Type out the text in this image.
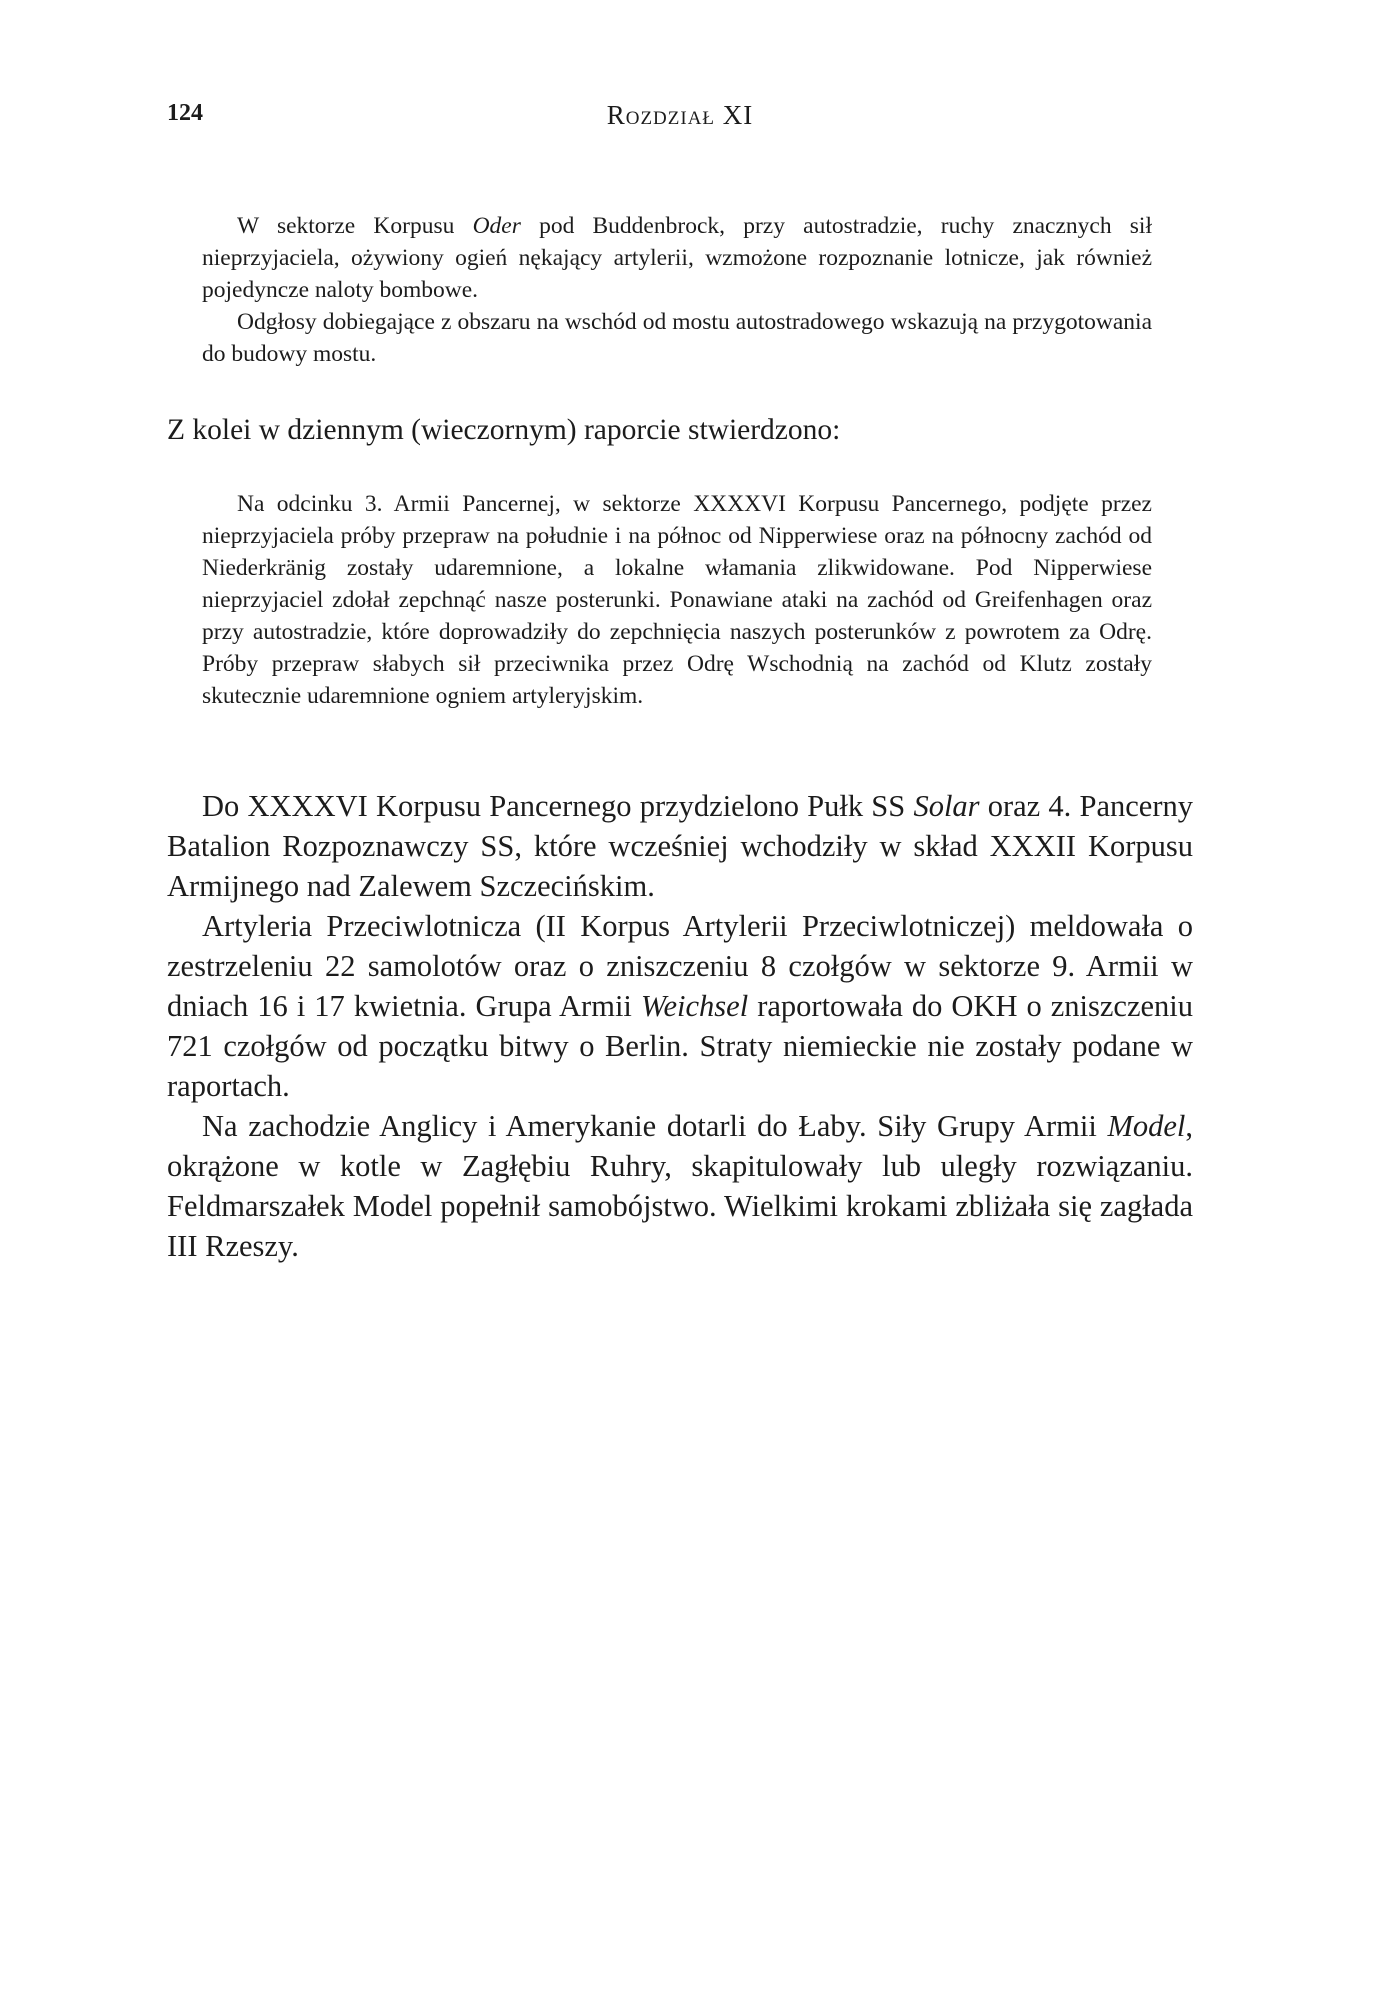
124	Rozdział XI

W sektorze Korpusu Oder pod Buddenbrock, przy autostradzie, ruchy znacznych sił nieprzyjaciela, ożywiony ogień nękający artylerii, wzmożone rozpoznanie lotnicze, jak również pojedyncze naloty bombowe.

Odgłosy dobiegające z obszaru na wschód od mostu autostradowego wskazują na przygotowania do budowy mostu.

Z kolei w dziennym (wieczornym) raporcie stwierdzono:

Na odcinku 3. Armii Pancernej, w sektorze XXXXVI Korpusu Pancernego, podjęte przez nieprzyjaciela próby przepraw na południe i na północ od Nipperwiese oraz na północny zachód od Niederkränig zostały udaremnione, a lokalne włamania zlikwidowane. Pod Nipperwiese nieprzyjaciel zdołał zepchnąć nasze posterunki. Ponawiane ataki na zachód od Greifenhagen oraz przy autostradzie, które doprowadziły do zepchnięcia naszych posterunków z powrotem za Odrę. Próby przepraw słabych sił przeciwnika przez Odrę Wschodnią na zachód od Klutz zostały skutecznie udaremnione ogniem artyleryjskim.

Do XXXXVI Korpusu Pancernego przydzielono Pułk SS Solar oraz 4. Pancerny Batalion Rozpoznawczy SS, które wcześniej wchodziły w skład XXXII Korpusu Armijnego nad Zalewem Szczecińskim.

Artyleria Przeciwlotnicza (II Korpus Artylerii Przeciwlotniczej) meldowała o zestrzeleniu 22 samolotów oraz o zniszczeniu 8 czołgów w sektorze 9. Armii w dniach 16 i 17 kwietnia. Grupa Armii Weichsel raportowała do OKH o zniszczeniu 721 czołgów od początku bitwy o Berlin. Straty niemieckie nie zostały podane w raportach.

Na zachodzie Anglicy i Amerykanie dotarli do Łaby. Siły Grupy Armii Model, okrążone w kotle w Zagłębiu Ruhry, skapitulowały lub uległy rozwiązaniu. Feldmarszałek Model popełnił samobójstwo. Wielkimi krokami zbliżała się zagłada III Rzeszy.
